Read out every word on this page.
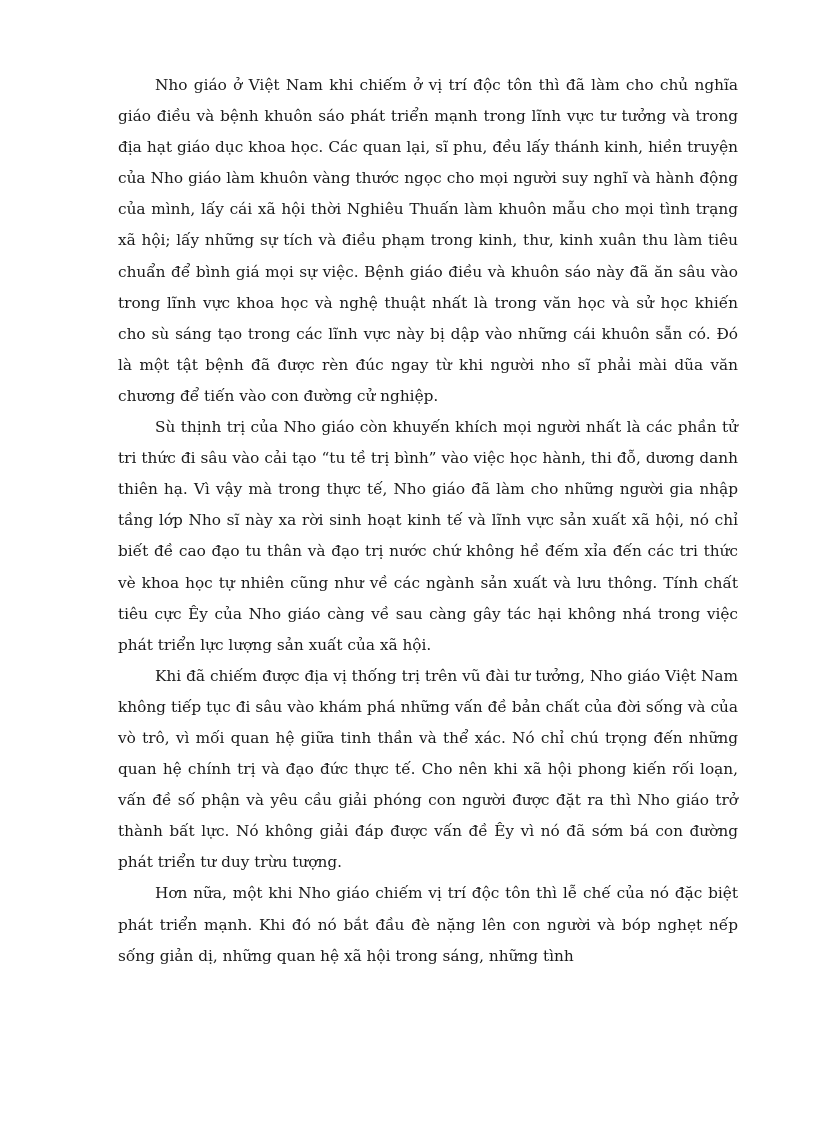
Nho giáo ở Việt Nam khi chiếm ở vị trí độc tôn thì đã làm cho chủ nghĩa giáo điều và bệnh khuôn sáo phát triển mạnh trong lĩnh vực tư tưởng và trong địa hạt giáo dục khoa học. Các quan lại, sĩ phu, đều lấy thánh kinh, hiền truyện của Nho giáo làm khuôn vàng thước ngọc cho mọi người suy nghĩ và hành động của mình, lấy cái xã hội thời Nghiêu Thuấn làm khuôn mẫu cho mọi tình trạng xã hội; lấy những sự tích và điều phạm trong kinh, thư, kinh xuân thu làm tiêu chuẩn để bình giá mọi sự việc. Bệnh giáo điều và khuôn sáo này đã ăn sâu vào trong lĩnh vực khoa học và nghệ thuật nhất là trong văn học và sử học khiến cho sù sáng tạo trong các lĩnh vực này bị dập vào những cái khuôn sẵn có. Đó là một tật bệnh đã được rèn đúc ngay từ khi người nho sĩ phải mài dũa văn chương để tiến vào con đường cử nghiệp.

Sù thịnh trị của Nho giáo còn khuyến khích mọi người nhất là các phần tử tri thức đi sâu vào cải tạo “tu tề trị bình” vào việc học hành, thi đỗ, dương danh thiên hạ. Vì vậy mà trong thực tế, Nho giáo đã làm cho những người gia nhập tầng lớp Nho sĩ này xa rời sinh hoạt kinh tế và lĩnh vực sản xuất xã hội, nó chỉ biết đề cao đạo tu thân và đạo trị nước chứ không hề đếm xỉa đến các tri thức vè khoa học tự nhiên cũng như về các ngành sản xuất và lưu thông. Tính chất tiêu cực Êy của Nho giáo càng về sau càng gây tác hại không nhá trong việc phát triển lực lượng sản xuất của xã hội.

Khi đã chiếm được địa vị thống trị trên vũ đài tư tưởng, Nho giáo Việt Nam không tiếp tục đi sâu vào khám phá những vấn đề bản chất của đời sống và của vò trô, vì mối quan hệ giữa tinh thần và thể xác. Nó chỉ chú trọng đến những quan hệ chính trị và đạo đức thực tế. Cho nên khi xã hội phong kiến rối loạn, vấn đề số phận và yêu cầu giải phóng con người được đặt ra thì Nho giáo trở thành bất lực. Nó không giải đáp được vấn đề Êy vì nó đã sớm bá con đường phát triển tư duy trừu tượng.

Hơn nữa, một khi Nho giáo chiếm vị trí độc tôn thì lễ chế của nó đặc biệt phát triển mạnh. Khi đó nó bắt đầu đè nặng lên con người và bóp nghẹt nếp sống giản dị, những quan hệ xã hội trong sáng, những tình
